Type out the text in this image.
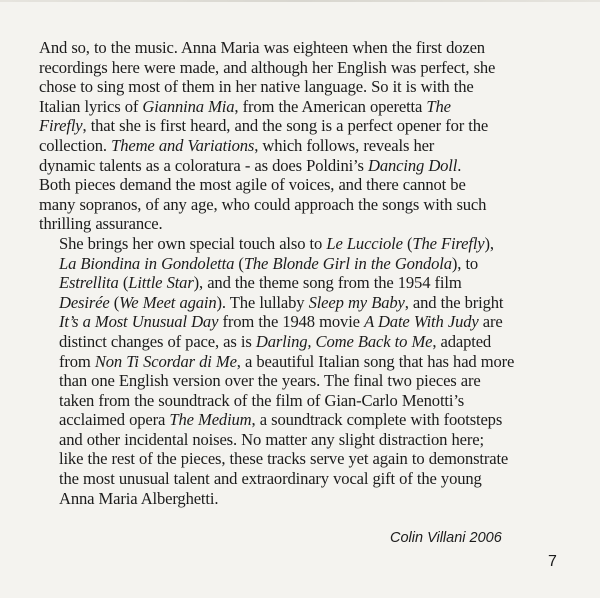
And so, to the music. Anna Maria was eighteen when the first dozen
recordings here were made, and although her English was perfect, she
chose to sing most of them in her native language. So it is with the
Italian lyrics of Giannina Mia, from the American operetta The
Firefly, that she is first heard, and the song is a perfect opener for the
collection. Theme and Variations, which follows, reveals her
dynamic talents as a coloratura - as does Poldini’s Dancing Doll.
Both pieces demand the most agile of voices, and there cannot be
many sopranos, of any age, who could approach the songs with such
thrilling assurance.

She brings her own special touch also to Le Lucciole (The Firefly),
La Biondina in Gondoletta (The Blonde Girl in the Gondola), to
Estrellita (Little Star), and the theme song from the 1954 film
Desirée (We Meet again). The lullaby Sleep my Baby, and the bright
It’s a Most Unusual Day from the 1948 movie A Date With Judy are
distinct changes of pace, as is Darling, Come Back to Me, adapted
from Non Ti Scordar di Me, a beautiful Italian song that has had more
than one English version over the years. The final two pieces are
taken from the soundtrack of the film of Gian-Carlo Menotti’s
acclaimed opera The Medium, a soundtrack complete with footsteps
and other incidental noises. No matter any slight distraction here;
like the rest of the pieces, these tracks serve yet again to demonstrate
the most unusual talent and extraordinary vocal gift of the young
Anna Maria Alberghetti.

Colin Villani 2006
7
